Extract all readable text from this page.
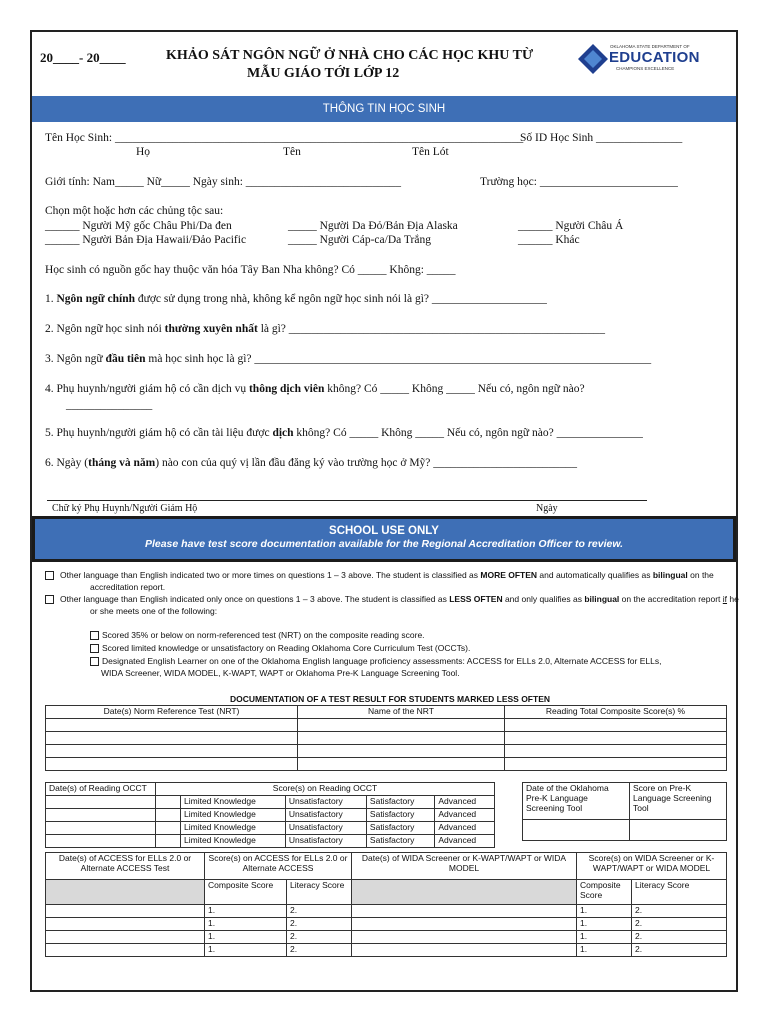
20____- 20____	KHẢO SÁT NGÔN NGỮ Ở NHÀ CHO CÁC HỌC KHU TỪ
MẪU GIÁO TỚI LỚP 12
OKLAHOMA STATE DEPARTMENT OF
EDUCATION
CHAMPIONS EXCELLENCE
THÔNG TIN HỌC SINH
Tên Học Sinh: _______________________________________________________________________
Số ID Học Sinh _______________
Họ	Tên	Tên Lót
Giới tính: Nam_____ Nữ_____ Ngày sinh: ___________________________	Trường học: ________________________
Chọn một hoặc hơn các chủng tộc sau:
______ Người Mỹ gốc Châu Phi/Da đen	_____ Người Da Đỏ/Bản Địa Alaska	______ Người Châu Á
______ Người Bản Địa Hawaii/Đảo Pacific	_____ Người Cáp-ca/Da Trắng	______ Khác
Học sinh có nguồn gốc hay thuộc văn hóa Tây Ban Nha không? Có _____ Không: _____
1. Ngôn ngữ chính được sử dụng trong nhà, không kể ngôn ngữ học sinh nói là gì? ____________________
2. Ngôn ngữ học sinh nói thường xuyên nhất là gì? _______________________________________________________
3. Ngôn ngữ đầu tiên mà học sinh học là gì? _____________________________________________________________________
4. Phụ huynh/người giám hộ có cần dịch vụ thông dịch viên không? Có _____ Không _____ Nếu có, ngôn ngữ nào?
_______________
5. Phụ huynh/người giám hộ có cần tài liệu được dịch không? Có _____ Không _____ Nếu có, ngôn ngữ nào? _______________
6. Ngày (tháng và năm) nào con của quý vị lần đầu đăng ký vào trường học ở Mỹ? _________________________
Chữ ký Phụ Huynh/Người Giám Hộ	Ngày
SCHOOL USE ONLY
Please have test score documentation available for the Regional Accreditation Officer to review.
Other language than English indicated two or more times on questions 1 – 3 above. The student is classified as MORE OFTEN and automatically qualifies as bilingual on the
accreditation report.
Other language than English indicated only once on questions 1 – 3 above. The student is classified as LESS OFTEN and only qualifies as bilingual on the accreditation report if he
or she meets one of the following:
Scored 35% or below on norm-referenced test (NRT) on the composite reading score.
Scored limited knowledge or unsatisfactory on Reading Oklahoma Core Curriculum Test (OCCTs).
Designated English Learner on one of the Oklahoma English language proficiency assessments: ACCESS for ELLs 2.0, Alternate ACCESS for ELLs,
WIDA Screener, WIDA MODEL, K-WAPT, WAPT or Oklahoma Pre-K Language Screening Tool.
DOCUMENTATION OF A TEST RESULT FOR STUDENTS MARKED LESS OFTEN
Date(s) Norm Reference Test (NRT)	Name of the NRT	Reading Total Composite Score(s) %

Date(s) of Reading OCCT	Score(s) on Reading OCCT				
		Limited Knowledge	Unsatisfactory	Satisfactory	Advanced
		Limited Knowledge	Unsatisfactory	Satisfactory	Advanced
		Limited Knowledge	Unsatisfactory	Satisfactory	Advanced
		Limited Knowledge	Unsatisfactory	Satisfactory	Advanced
Date of the Oklahoma Pre-K Language Screening Tool	Score on Pre-K Language Screening Tool

Date(s) of ACCESS for ELLs 2.0 or Alternate ACCESS Test	Score(s) on ACCESS for ELLs 2.0 or Alternate ACCESS		Date(s) of WIDA Screener or K-WAPT/WAPT or WIDA MODEL	Score(s) on WIDA Screener or K-WAPT/WAPT or WIDA MODEL	

	Composite Score	Literacy Score		Composite Score	Literacy Score
	1.	2.		1.	2.
	1.	2.		1.	2.
	1.	2.		1.	2.
	1.	2.		1.	2.
